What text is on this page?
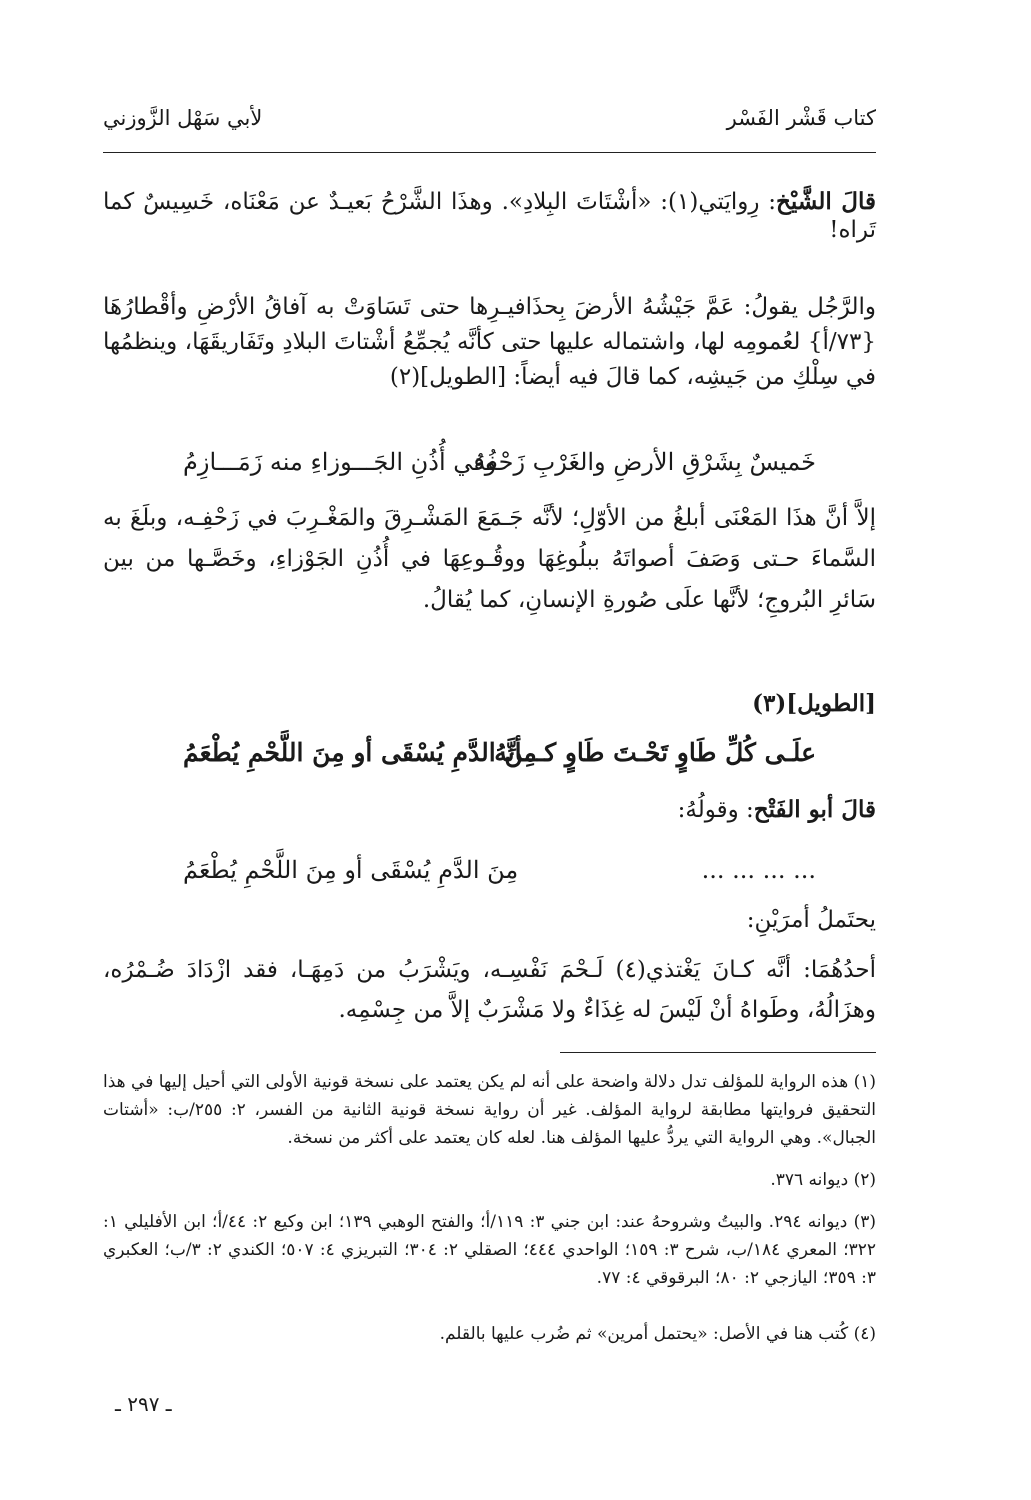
كتاب قَشْر الفَسْر
لأبي سَهْل الزَّوزني
قالَ الشَّيْخ: رِوايَتي(١): «أشْتَاتَ البِلادِ». وهذَا الشَّرْحُ بَعيـدٌ عن مَعْنَاه، خَسِيسٌ كما تَراه!
والرَّجُل يقولُ: عَمَّ جَيْشُهُ الأرضَ بِحذَافيـرِها حتى تَسَاوَتْ به آفاقُ الأرْضِ وأقْطارُهَا {٧٣/أ} لعُمومِه لها، واشتماله عليها حتى كأنَّه يُجمِّعُ أشْتاتَ البلادِ وتَفَاريقَهَا، وينظمُها في سِلْكِ من جَيشِه، كما قالَ فيه أيضاً: [الطويل](٢)
خَميسٌ بِشَرْقِ الأرضِ والغَرْبِ زَحْفُهُ
وفي أُذُنِ الجَـــوزاءِ منه زَمَـــازِمُ
إلاَّ أنَّ هذَا المَعْنَى أبلغُ من الأوّلِ؛ لأنَّه جَـمَعَ المَشْـرِقَ والمَغْـرِبَ في زَحْفِـه، وبلَغَ به السَّماءَ حـتى وَصَفَ أصواتَهُ ببلُوغِهَا ووقُـوعِهَا في أُذُنِ الجَوْزاءِ، وخَصَّـها من بين سَائرِ البُروجِ؛ لأنَّها علَى صُورةِ الإنسانِ، كما يُقالُ.
[الطويل](٣)
علَـى كُلِّ طَاوٍ تَحْـتَ طَاوٍ كـــأنَّهُ
مِنَ الدَّمِ يُسْقَى أو مِنَ اللَّحْمِ يُطْعَمُ
قالَ أبو الفَتْح: وقولُهُ:
... ... ... ...
مِنَ الدَّمِ يُسْقَى أو مِنَ اللَّحْمِ يُطْعَمُ
يحتَملُ أمرَيْنِ:
أحدُهُمَا: أنَّه كـانَ يَغْتذي(٤) لَـحْمَ نَفْسِـه، ويَشْرَبُ من دَمِهَـا، فقد ازْدَادَ ضُـمْرُه، وهزَالُهُ، وطَواهُ أنْ لَيْسَ له غِذَاءٌ ولا مَشْرَبٌ إلاَّ من جِسْمِه.
(١) هذه الرواية للمؤلف تدل دلالة واضحة على أنه لم يكن يعتمد على نسخة قونية الأولى التي أحيل إليها في هذا التحقيق فروايتها مطابقة لرواية المؤلف. غير أن رواية نسخة قونية الثانية من الفسر، ٢: ٢٥٥/ب: «أشتات الجبال». وهي الرواية التي يردُّ عليها المؤلف هنا. لعله كان يعتمد على أكثر من نسخة.
(٢) ديوانه ٣٧٦.
(٣) ديوانه ٢٩٤. والبيتُ وشروحهُ عند: ابن جني ٣: ١١٩/أ؛ والفتح الوهبي ١٣٩؛ ابن وكيع ٢: ٤٤/أ؛ ابن الأفليلي ١: ٣٢٢؛ المعري ١٨٤/ب، شرح ٣: ١٥٩؛ الواحدي ٤٤٤؛ الصقلي ٢: ٣٠٤؛ التبريزي ٤: ٥٠٧؛ الكندي ٢: ٣/ب؛ العكبري ٣: ٣٥٩؛ اليازجي ٢: ٨٠؛ البرقوقي ٤: ٧٧.
(٤) كُتب هنا في الأصل: «يحتمل أمرين» ثم ضُرب عليها بالقلم.
ـ ٢٩٧ ـ
